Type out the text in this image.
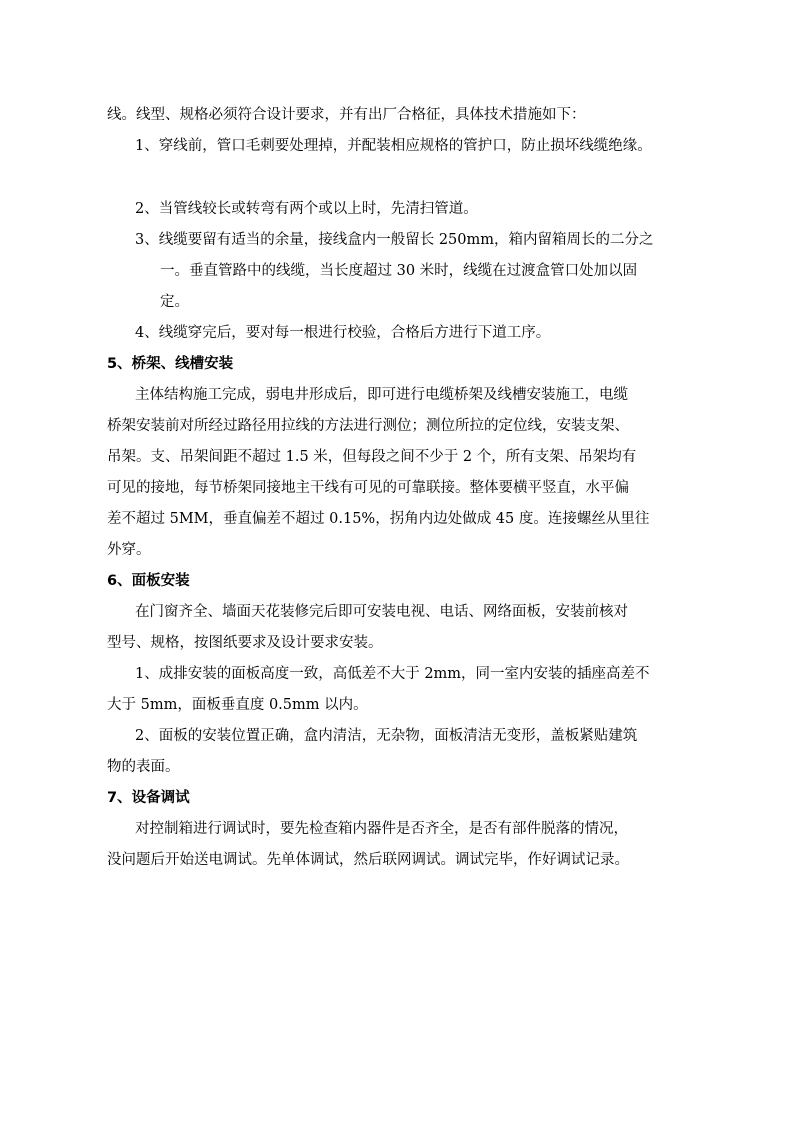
线。线型、规格必须符合设计要求，并有出厂合格征，具体技术措施如下：
1、穿线前，管口毛刺要处理掉，并配装相应规格的管护口，防止损坏线缆绝缘。
2、当管线较长或转弯有两个或以上时，先清扫管道。
3、线缆要留有适当的余量，接线盒内一般留长 250mm，箱内留箱周长的二分之
一。垂直管路中的线缆，当长度超过 30 米时，线缆在过渡盒管口处加以固
定。
4、线缆穿完后，要对每一根进行校验，合格后方进行下道工序。
5、桥架、线槽安装
主体结构施工完成，弱电井形成后，即可进行电缆桥架及线槽安装施工，电缆
桥架安装前对所经过路径用拉线的方法进行测位；测位所拉的定位线，安装支架、
吊架。支、吊架间距不超过 1.5 米，但每段之间不少于 2 个，所有支架、吊架均有
可见的接地，每节桥架同接地主干线有可见的可靠联接。整体要横平竖直，水平偏
差不超过 5MM，垂直偏差不超过 0.15%，拐角内边处做成 45 度。连接螺丝从里往
外穿。
6、面板安装
在门窗齐全、墙面天花装修完后即可安装电视、电话、网络面板，安装前核对
型号、规格，按图纸要求及设计要求安装。
1、成排安装的面板高度一致，高低差不大于 2mm，同一室内安装的插座高差不
大于 5mm，面板垂直度 0.5mm 以内。
2、面板的安装位置正确，盒内清洁，无杂物，面板清洁无变形，盖板紧贴建筑
物的表面。
7、设备调试
对控制箱进行调试时，要先检查箱内器件是否齐全，是否有部件脱落的情况，
没问题后开始送电调试。先单体调试，然后联网调试。调试完毕，作好调试记录。
